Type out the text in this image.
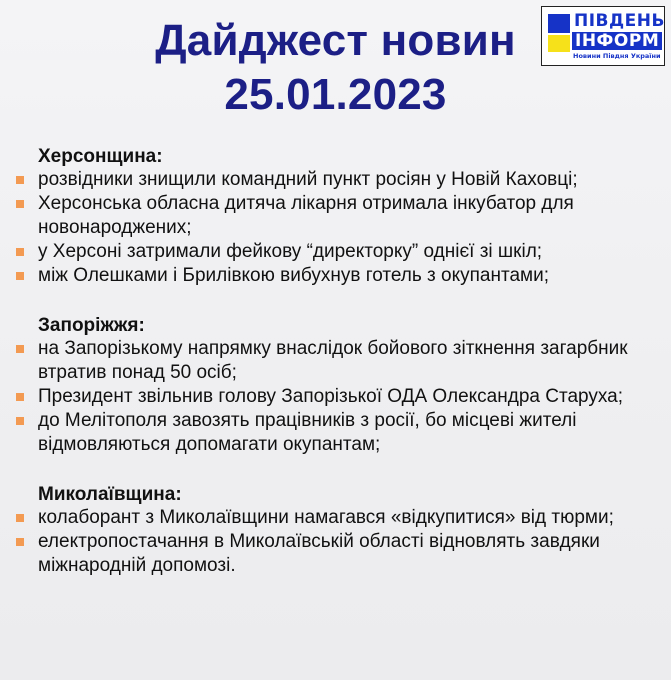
Дайджест новин
25.01.2023
ПІВДЕНЬ
ІНФОРМ
Новини Півдня України
Херсонщина:
розвідники знищили командний пункт росіян у Новій Каховці;
Херсонська обласна дитяча лікарня отримала інкубатор для новонароджених;
у Херсоні затримали фейкову “директорку” однієї зі шкіл;
між Олешками і Брилівкою вибухнув готель з окупантами;
Запоріжжя:
на Запорізькому напрямку внаслідок бойового зіткнення загарбник втратив понад 50 осіб;
Президент звільнив голову Запорізької ОДА Олександра Старуха;
до Мелітополя завозять працівників з росії, бо місцеві жителі відмовляються допомагати окупантам;
Миколаївщина:
колаборант з Миколаївщини намагався «відкупитися» від тюрми;
електропостачання в Миколаївській області відновлять завдяки міжнародній допомозі.
